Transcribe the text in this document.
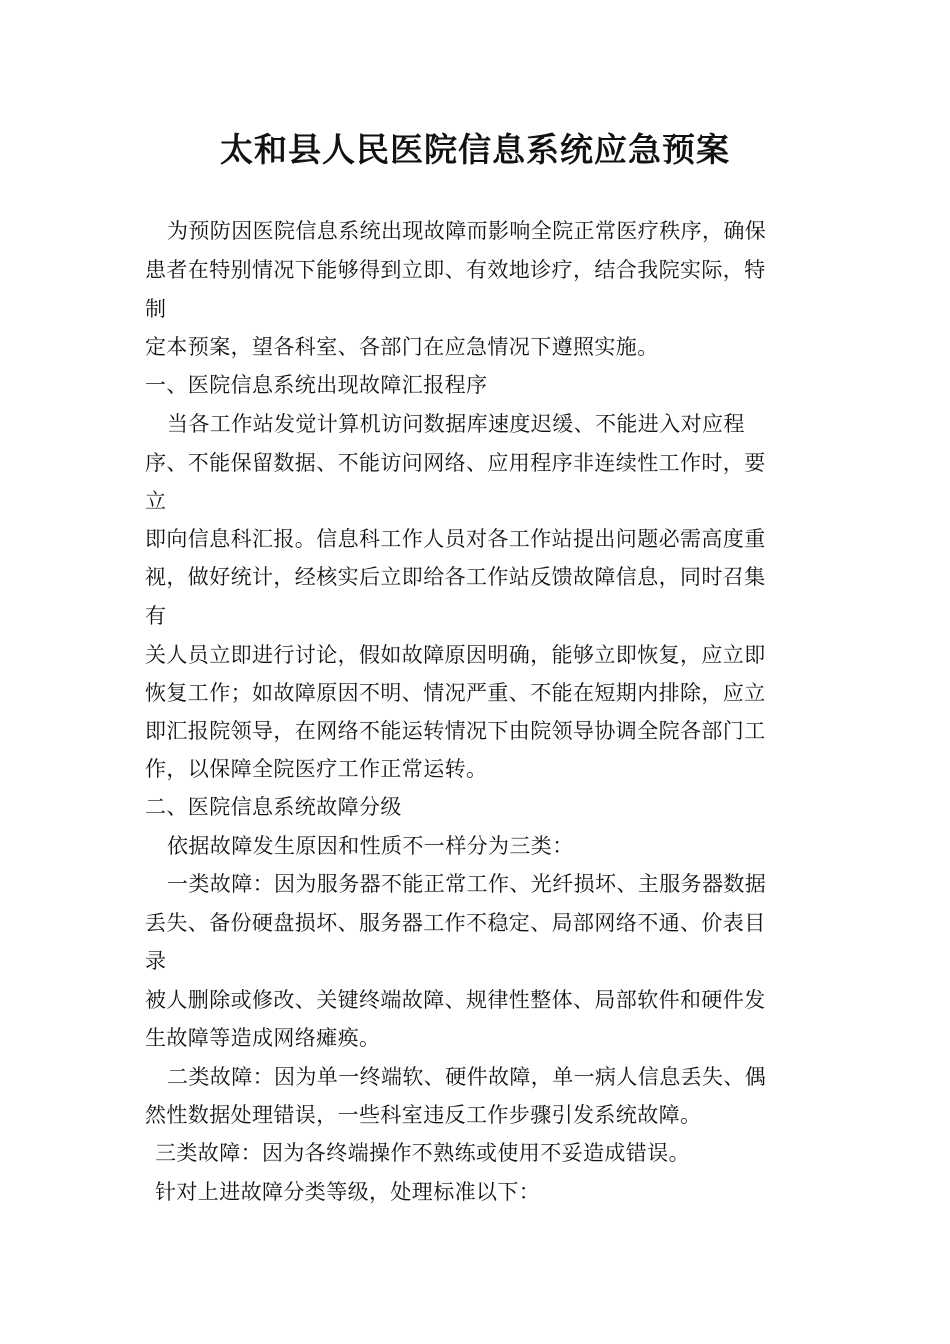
太和县人民医院信息系统应急预案
为预防因医院信息系统出现故障而影响全院正常医疗秩序，确保
患者在特别情况下能够得到立即、有效地诊疗，结合我院实际，特
制
定本预案，望各科室、各部门在应急情况下遵照实施。
一、医院信息系统出现故障汇报程序
当各工作站发觉计算机访问数据库速度迟缓、不能进入对应程
序、不能保留数据、不能访问网络、应用程序非连续性工作时，要
立
即向信息科汇报。信息科工作人员对各工作站提出问题必需高度重
视，做好统计，经核实后立即给各工作站反馈故障信息，同时召集
有
关人员立即进行讨论，假如故障原因明确，能够立即恢复，应立即
恢复工作；如故障原因不明、情况严重、不能在短期内排除，应立
即汇报院领导，在网络不能运转情况下由院领导协调全院各部门工
作，以保障全院医疗工作正常运转。
二、医院信息系统故障分级
依据故障发生原因和性质不一样分为三类：
一类故障：因为服务器不能正常工作、光纤损坏、主服务器数据
丢失、备份硬盘损坏、服务器工作不稳定、局部网络不通、价表目
录
被人删除或修改、关键终端故障、规律性整体、局部软件和硬件发
生故障等造成网络瘫痪。
二类故障：因为单一终端软、硬件故障，单一病人信息丢失、偶
然性数据处理错误，一些科室违反工作步骤引发系统故障。
三类故障：因为各终端操作不熟练或使用不妥造成错误。
针对上进故障分类等级，处理标准以下：
